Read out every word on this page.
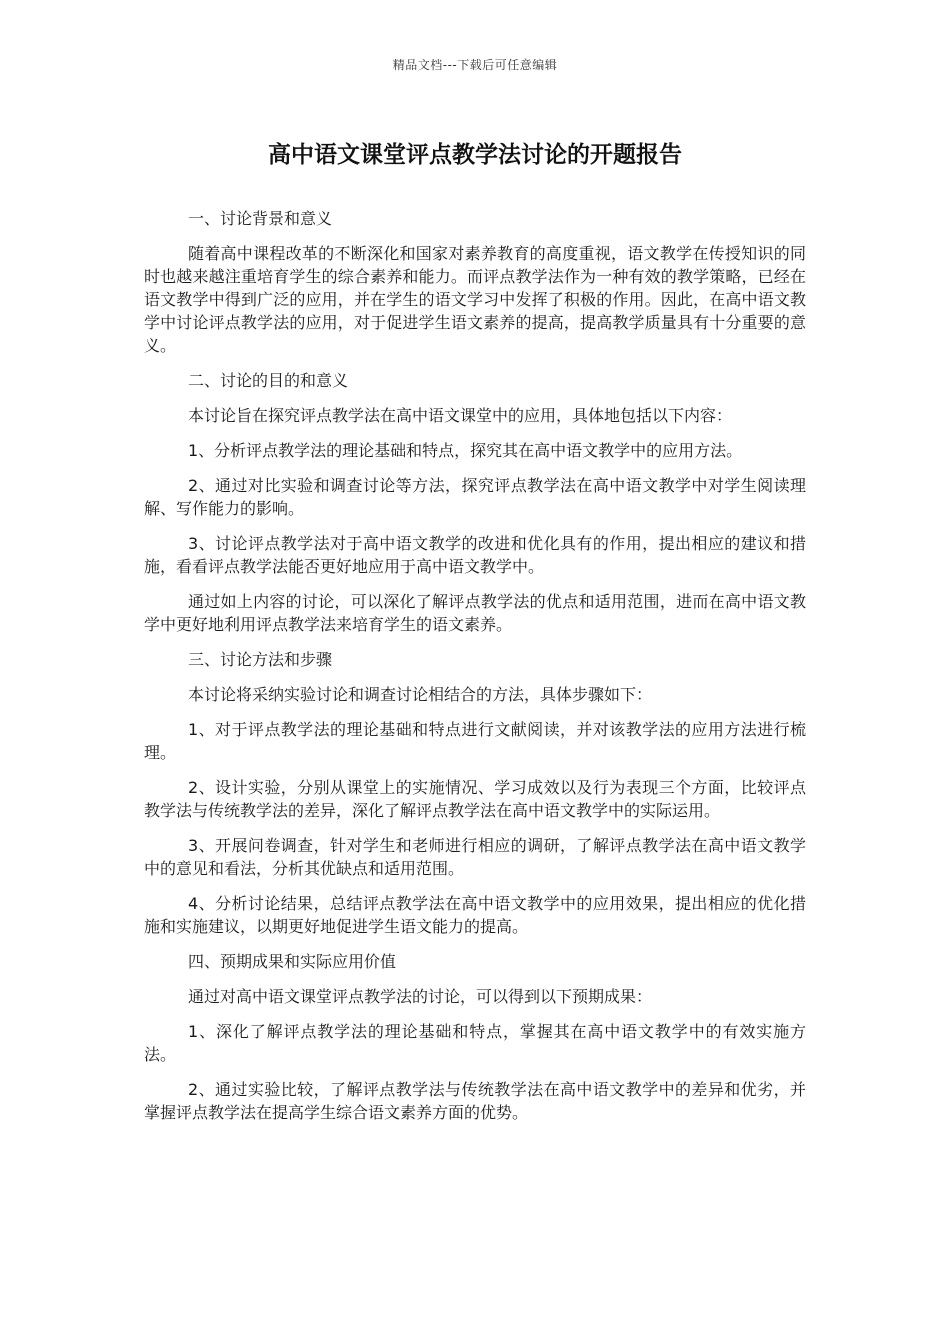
精品文档---下载后可任意编辑
高中语文课堂评点教学法讨论的开题报告

一、讨论背景和意义

随着高中课程改革的不断深化和国家对素养教育的高度重视，语文教学在传授知识的同时也越来越注重培育学生的综合素养和能力。而评点教学法作为一种有效的教学策略，已经在语文教学中得到广泛的应用，并在学生的语文学习中发挥了积极的作用。因此，在高中语文教学中讨论评点教学法的应用，对于促进学生语文素养的提高，提高教学质量具有十分重要的意义。

二、讨论的目的和意义

本讨论旨在探究评点教学法在高中语文课堂中的应用，具体地包括以下内容：

1、分析评点教学法的理论基础和特点，探究其在高中语文教学中的应用方法。

2、通过对比实验和调查讨论等方法，探究评点教学法在高中语文教学中对学生阅读理解、写作能力的影响。

3、讨论评点教学法对于高中语文教学的改进和优化具有的作用，提出相应的建议和措施，看看评点教学法能否更好地应用于高中语文教学中。

通过如上内容的讨论，可以深化了解评点教学法的优点和适用范围，进而在高中语文教学中更好地利用评点教学法来培育学生的语文素养。

三、讨论方法和步骤

本讨论将采纳实验讨论和调查讨论相结合的方法，具体步骤如下：

1、对于评点教学法的理论基础和特点进行文献阅读，并对该教学法的应用方法进行梳理。

2、设计实验，分别从课堂上的实施情况、学习成效以及行为表现三个方面，比较评点教学法与传统教学法的差异，深化了解评点教学法在高中语文教学中的实际运用。

3、开展问卷调查，针对学生和老师进行相应的调研，了解评点教学法在高中语文教学中的意见和看法，分析其优缺点和适用范围。

4、分析讨论结果，总结评点教学法在高中语文教学中的应用效果，提出相应的优化措施和实施建议，以期更好地促进学生语文能力的提高。

四、预期成果和实际应用价值

通过对高中语文课堂评点教学法的讨论，可以得到以下预期成果：

1、深化了解评点教学法的理论基础和特点，掌握其在高中语文教学中的有效实施方法。

2、通过实验比较，了解评点教学法与传统教学法在高中语文教学中的差异和优劣，并掌握评点教学法在提高学生综合语文素养方面的优势。
